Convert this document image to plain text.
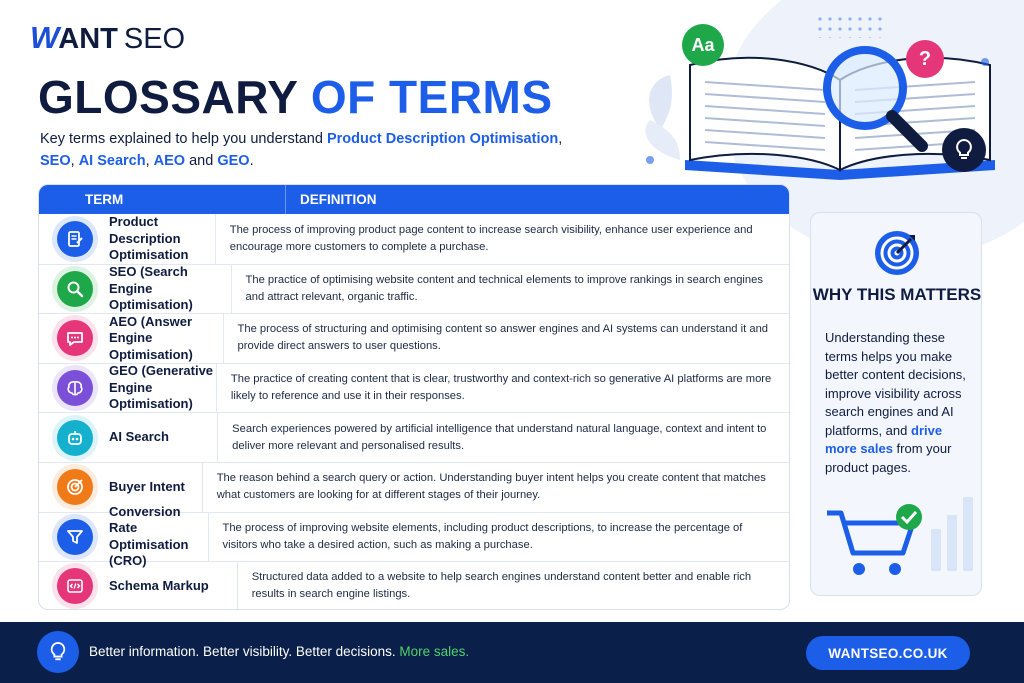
W ANT SEO
GLOSSARY OF TERMS
Key terms explained to help you understand Product Description Optimisation, SEO, AI Search, AEO and GEO.
Aa
?
TERM	DEFINITION
Product Description Optimisation
The process of improving product page content to increase search visibility, enhance user experience and encourage more customers to complete a purchase.
SEO (Search Engine Optimisation)
The practice of optimising website content and technical elements to improve rankings in search engines and attract relevant, organic traffic.
AEO (Answer Engine Optimisation)
The process of structuring and optimising content so answer engines and AI systems can understand it and provide direct answers to user questions.
GEO (Generative Engine Optimisation)
The practice of creating content that is clear, trustworthy and context-rich so generative AI platforms are more likely to reference and use it in their responses.
AI Search
Search experiences powered by artificial intelligence that understand natural language, context and intent to deliver more relevant and personalised results.
Buyer Intent
The reason behind a search query or action. Understanding buyer intent helps you create content that matches what customers are looking for at different stages of their journey.
Conversion Rate Optimisation (CRO)
The process of improving website elements, including product descriptions, to increase the percentage of visitors who take a desired action, such as making a purchase.
Schema Markup
Structured data added to a website to help search engines understand content better and enable rich results in search engine listings.
WHY THIS MATTERS
Understanding these terms helps you make better content decisions, improve visibility across search engines and AI platforms, and drive more sales from your product pages.
Better information. Better visibility. Better decisions. More sales.	WANTSEO.CO.UK
